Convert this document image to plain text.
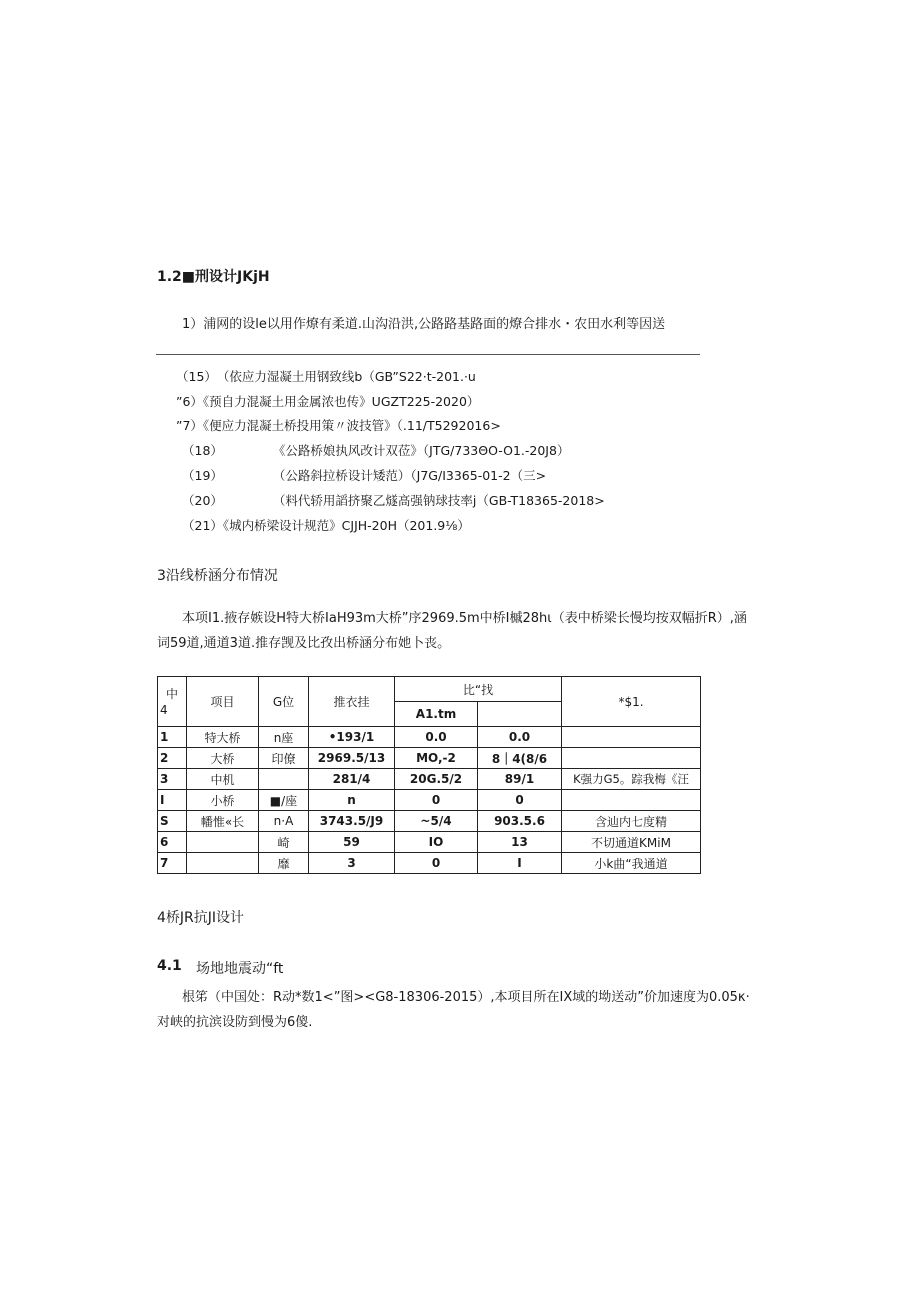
1.2■刑设计JKjH
1）浦网的设le以用作燎有柔道.山沟沿洪,公路路基路面的燎合排水・农田水利等因送
（15）　（依应力湿凝土用钢致线b（GB”S22·t-201.·u
”6）《预自力混凝土用金属浓也传》UGZT225-2020）
”7）《便应力混凝土桥投用策〃波技管》（.11/T5292016>
（18）　　　　　《公路桥娘执风改计双莅》（JTG/733ΘO-O1.-20J8）
（19）　　　　　（公路斜拉桥设计矮范）（J7G∕I3365-01-2（三>
（20）　　　　　（料代轿用謟挤聚乙燧高强钠球技率j（GB-T18365-2018>
（21）《城内桥梁设计规范》CJJH-20H（201.9⅛）
3沿线桥涵分布情况
本项I1.掖存嫉设H特大桥IaH93m大桥”序2969.5m中桥I槭28hι（表中桥梁长慢均按双幅折R）,涵
词59道,通道3道.推存觊及比孜出桥涵分布她卜丧。
中
4	项目	G位	推衣挂	比“找		*$1.
				A1.tm		
1	特大桥	n座	•193/1	0.0	0.0	
2	大桥	印僚	2969.5/13	MO,-2	8｜4(8/6	
3	中机		281/4	20G.5/2	89/1	K强力G5。踪我梅《汪
I	小桥	■/座	n	0	0	
S	幡惟«长	n·A	3743.5/J9	~5/4	903.5.6	含辿内七度精
6		崎	59	IO	13	不切通道KMiM
7		靡	3	0	I	小k曲“我通道
4桥JR抗JI设计
4.1 场地地震动“ft
根笫（中国处：R动*数1<”图><G8-18306-2015）,本项目所在IX域的坳送动”价加速度为0.05κ·
对峡的抗滨设防到慢为6傻.
